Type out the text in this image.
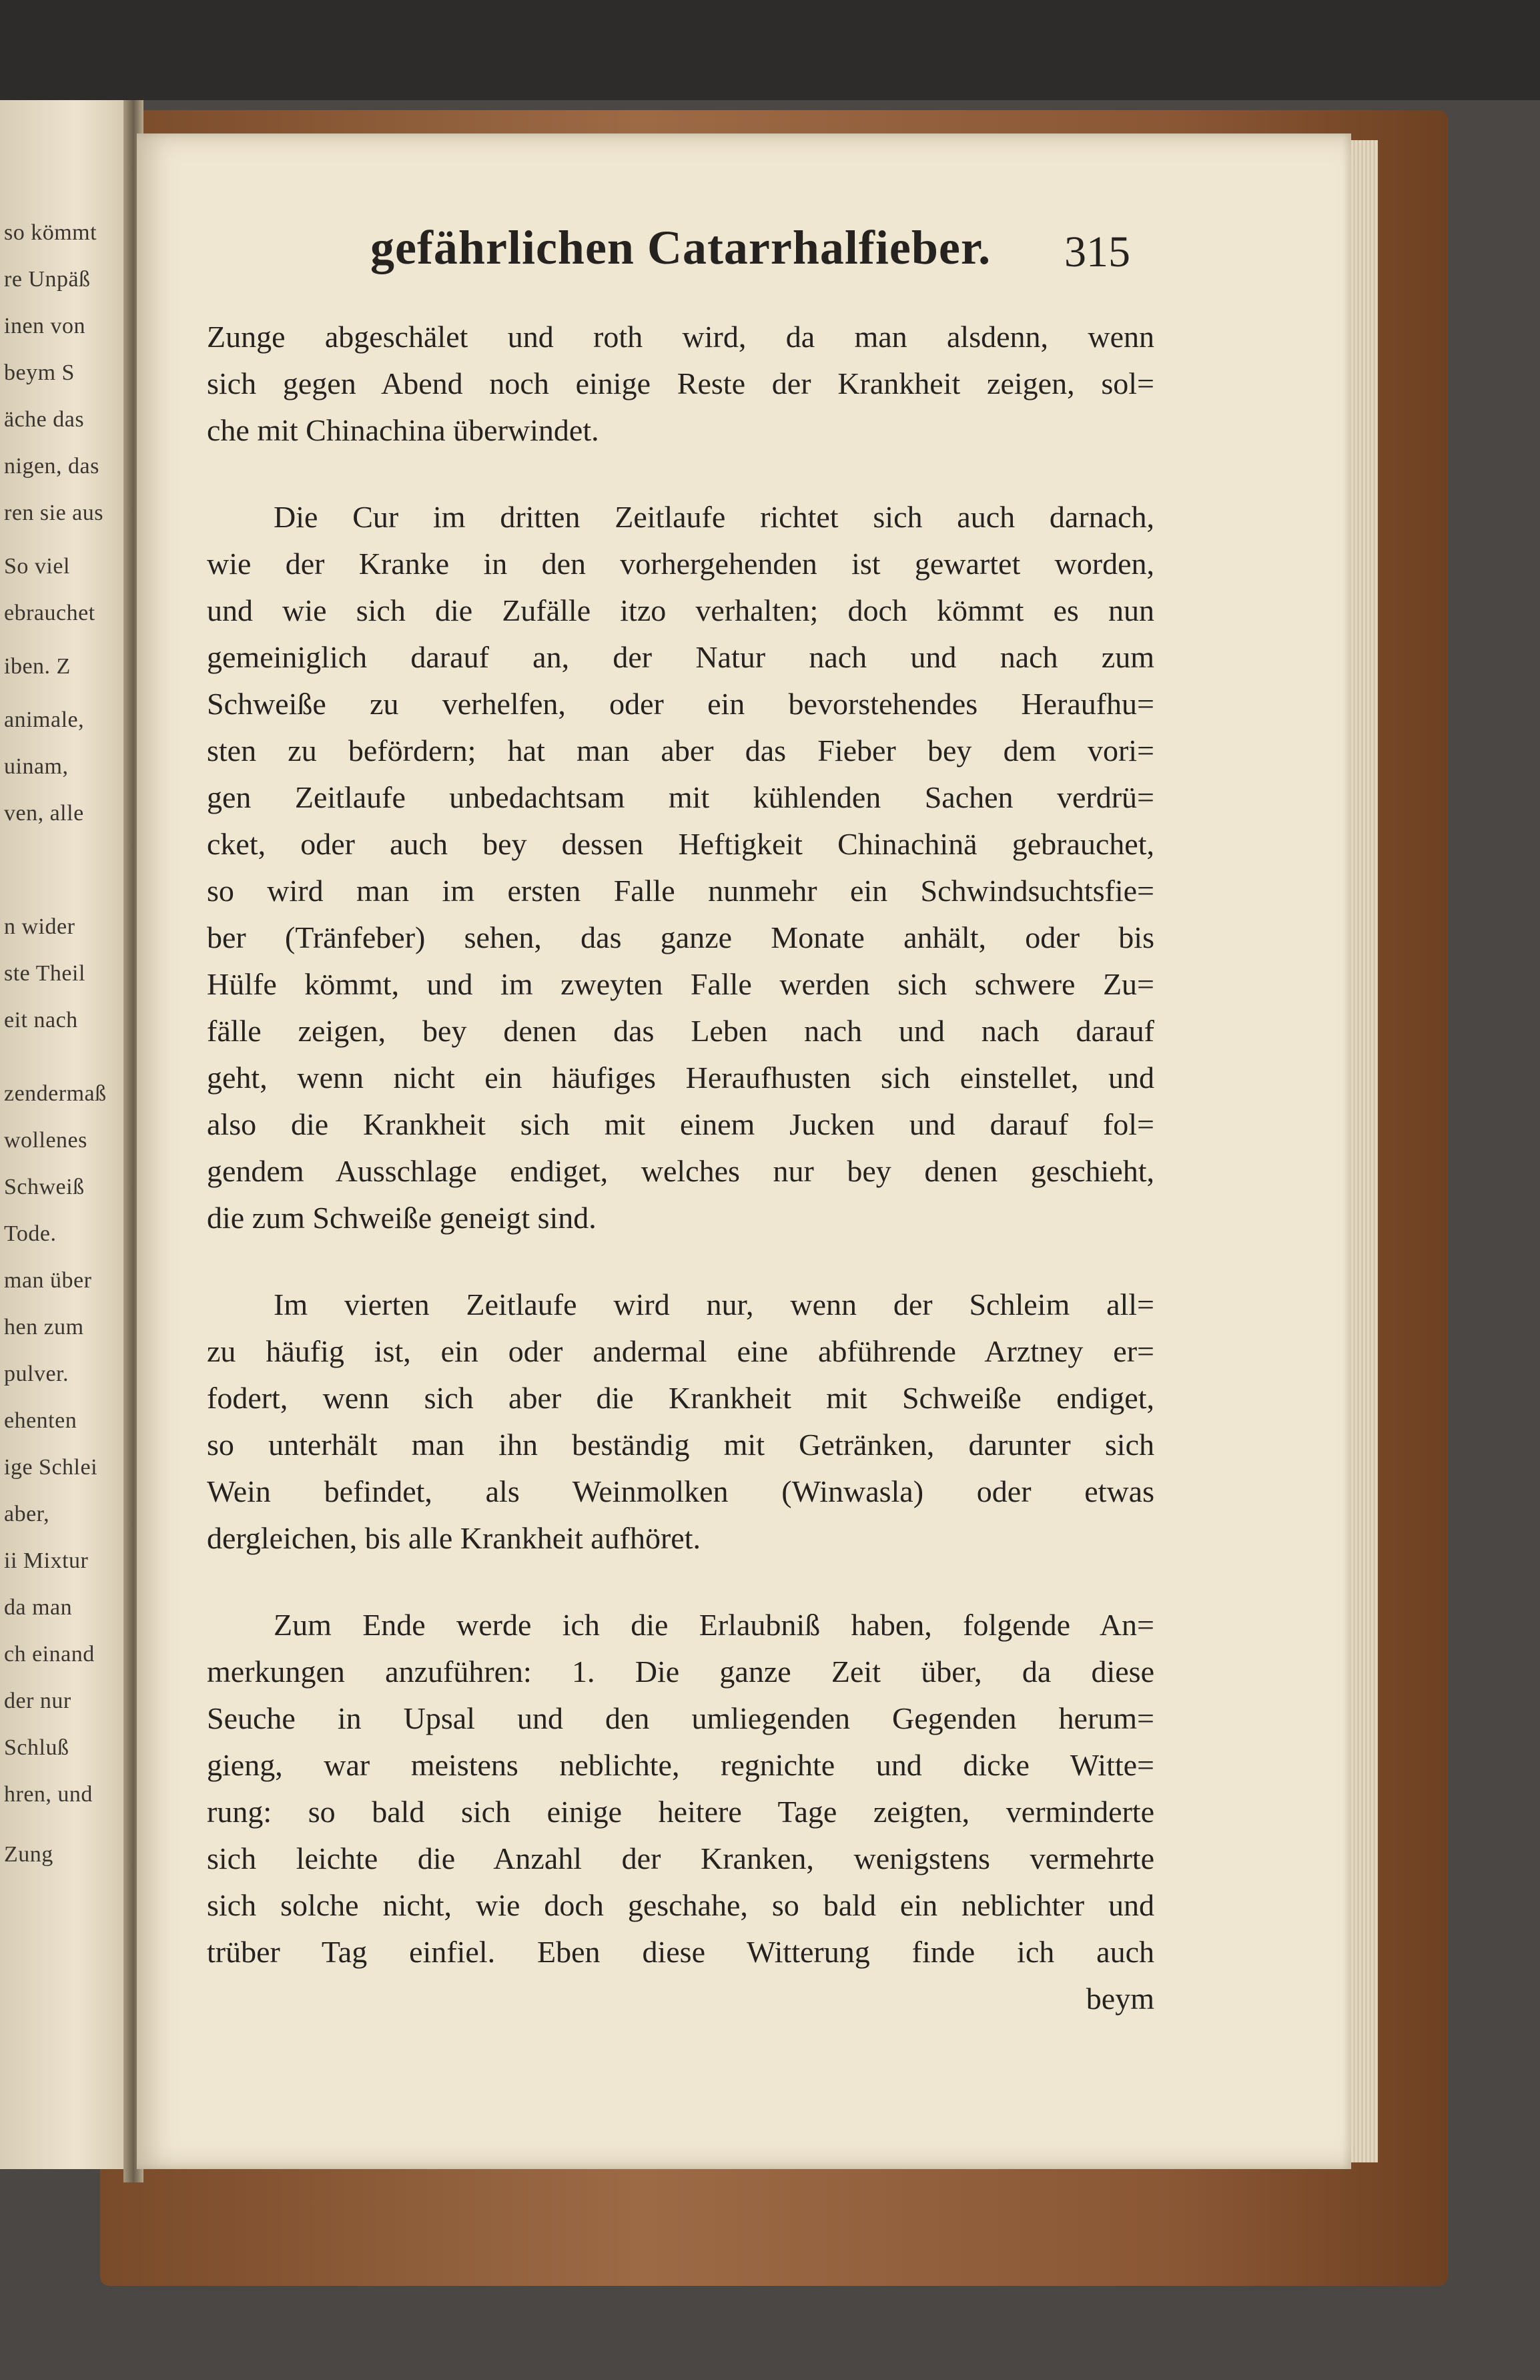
so kömmt
re Unpäß
inen von
beym S
äche das
nigen, das
ren sie aus
So viel
ebrauchet
iben. Z
animale,
uinam,
ven, alle
n wider
ste Theil
eit nach
zendermaß
wollenes
Schweiß
Tode.
man über
hen zum
pulver.
ehenten
ige Schlei
aber,
ii Mixtur
da man
ch einand
der nur
Schluß
hren, und
Zung
gefährlichen Catarrhalfieber. 315
Zunge abgeschälet und roth wird, da man alsdenn, wenn
sich gegen Abend noch einige Reste der Krankheit zeigen, sol=
che mit Chinachina überwindet.
Die Cur im dritten Zeitlaufe richtet sich auch darnach,
wie der Kranke in den vorhergehenden ist gewartet worden,
und wie sich die Zufälle itzo verhalten; doch kömmt es nun
gemeiniglich darauf an, der Natur nach und nach zum
Schweiße zu verhelfen, oder ein bevorstehendes Heraufhu=
sten zu befördern; hat man aber das Fieber bey dem vori=
gen Zeitlaufe unbedachtsam mit kühlenden Sachen verdrü=
cket, oder auch bey dessen Heftigkeit Chinachinä gebrauchet,
so wird man im ersten Falle nunmehr ein Schwindsuchtsfie=
ber (Tränfeber) sehen, das ganze Monate anhält, oder bis
Hülfe kömmt, und im zweyten Falle werden sich schwere Zu=
fälle zeigen, bey denen das Leben nach und nach darauf
geht, wenn nicht ein häufiges Heraufhusten sich einstellet, und
also die Krankheit sich mit einem Jucken und darauf fol=
gendem Ausschlage endiget, welches nur bey denen geschieht,
die zum Schweiße geneigt sind.
Im vierten Zeitlaufe wird nur, wenn der Schleim all=
zu häufig ist, ein oder andermal eine abführende Arztney er=
fodert, wenn sich aber die Krankheit mit Schweiße endiget,
so unterhält man ihn beständig mit Getränken, darunter sich
Wein befindet, als Weinmolken (Winwasla) oder etwas
dergleichen, bis alle Krankheit aufhöret.
Zum Ende werde ich die Erlaubniß haben, folgende An=
merkungen anzuführen: 1. Die ganze Zeit über, da diese
Seuche in Upsal und den umliegenden Gegenden herum=
gieng, war meistens neblichte, regnichte und dicke Witte=
rung: so bald sich einige heitere Tage zeigten, verminderte
sich leichte die Anzahl der Kranken, wenigstens vermehrte
sich solche nicht, wie doch geschahe, so bald ein neblichter und
trüber Tag einfiel. Eben diese Witterung finde ich auch
beym
